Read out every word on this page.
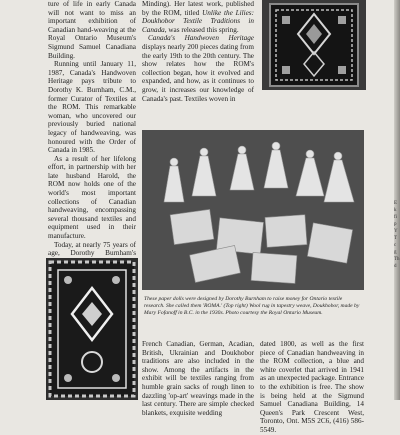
ture of life in early Canada will not want to miss an important exhibition of Canadian hand-weaving at the Royal Ontario Museum's Sigmund Samuel Canadiana Building.

Running until January 11, 1987, Canada's Handwoven Heritage pays tribute to Dorothy K. Burnham, C.M., former Curator of Textiles at the ROM. This remarkable woman, who uncovered our previously buried national legacy of handweaving, was honoured with the Order of Canada in 1985.

As a result of her lifelong effort, in partnership with her late husband Harold, the ROM now holds one of the world's most important collections of Canadian handweaving, encompassing several thousand textiles and equipment used in their manufacture.

Today, at nearly 75 years of age, Dorothy Burnham's

Minding). Her latest work, published by the ROM, titled Unlike the Lilies: Doukhobor Textile Traditions in Canada, was released this spring.

Canada's Handwoven Heritage displays nearly 200 pieces dating from the early 19th to the 20th century. The show relates how the ROM's collection began, how it evolved and expanded, and how, as it continues to grow, it increases our knowledge of Canada's past. Textiles woven in

These paper dolls were designed by Dorothy Burnham to raise money for Ontario textile research. She called them 'ROMA.' (Top right) Wool rug in tapestry weave, Doukhobor, made by Mary Fofanoff in B.C. in the 1930s. Photo courtesy the Royal Ontario Museum.

French Canadian, German, Acadian, British, Ukrainian and Doukhobor traditions are also included in the show. Among the artifacts in the exhibit will be textiles ranging from humble grain sacks of rough linen to dazzling 'op-art' weavings made in the last century. There are simple checked blankets, exquisite wedding

dated 1800, as well as the first piece of Canadian handweaving in the ROM collection, a blue and white coverlet that arrived in 1941 as an unexpected package. Entrance to the exhibition is free. The show is being held at the Sigmund Samuel Canadiana Building, 14 Queen's Park Crescent West, Toronto, Ont. M5S 2C6, (416) 586-5549.

E
k
fi
p
Y
T
c
g
Th
d
